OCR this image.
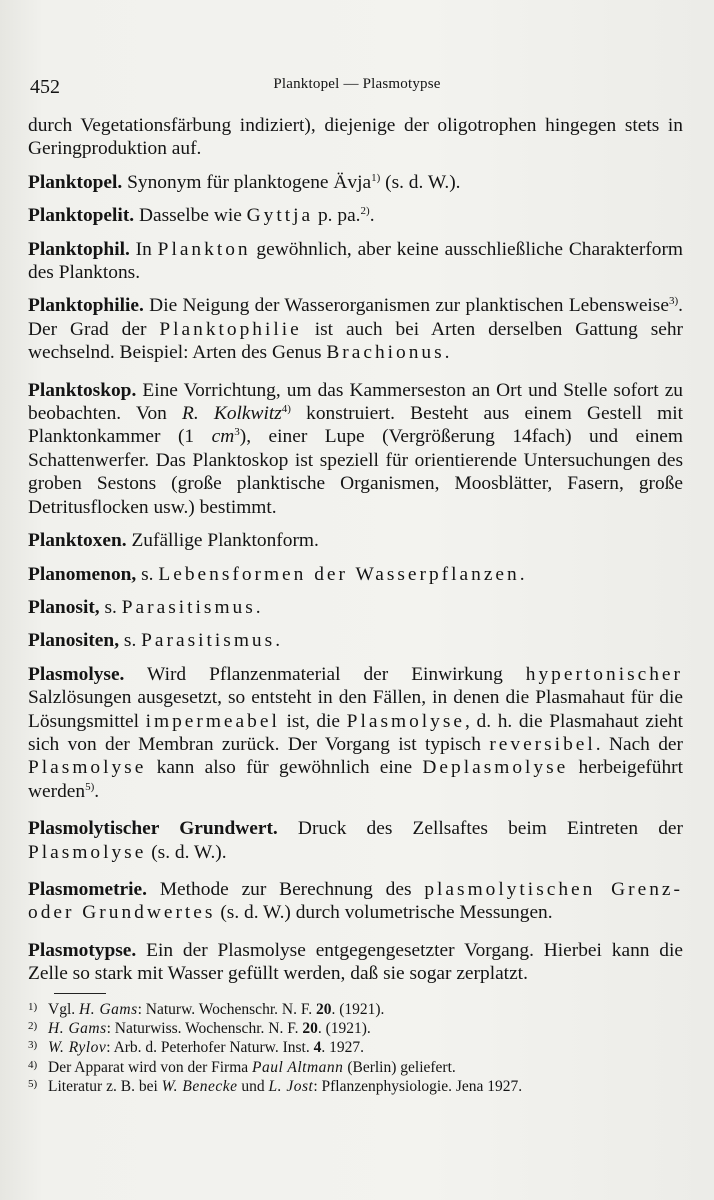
452	Planktopel — Plasmotypse

durch Vegetationsfärbung indiziert), diejenige der oligotrophen hingegen stets in Geringproduktion auf.

Planktopel. Synonym für planktogene Ävja$^{1)}$ (s. d. W.).

Planktopelit. Dasselbe wie Gyttja p. pa.$^{2)}$.

Planktophil. In Plankton gewöhnlich, aber keine ausschließliche Charakterform des Planktons.

Planktophilie. Die Neigung der Wasserorganismen zur planktischen Lebensweise$^{3)}$. Der Grad der Planktophilie ist auch bei Arten derselben Gattung sehr wechselnd. Beispiel: Arten des Genus Brachionus.

Planktoskop. Eine Vorrichtung, um das Kammerseston an Ort und Stelle sofort zu beobachten. Von R. Kolkwitz$^{4)}$ konstruiert. Besteht aus einem Gestell mit Planktonkammer (1 $cm^3$), einer Lupe (Vergrößerung 14fach) und einem Schattenwerfer. Das Planktoskop ist speziell für orientierende Untersuchungen des groben Sestons (große planktische Organismen, Moosblätter, Fasern, große Detritusflocken usw.) bestimmt.

Planktoxen. Zufällige Planktonform.

Planomenon, s. Lebensformen der Wasserpflanzen.

Planosit, s. Parasitismus.

Planositen, s. Parasitismus.

Plasmolyse. Wird Pflanzenmaterial der Einwirkung hypertonischer Salzlösungen ausgesetzt, so entsteht in den Fällen, in denen die Plasmahaut für die Lösungsmittel impermeabel ist, die Plasmolyse, d. h. die Plasmahaut zieht sich von der Membran zurück. Der Vorgang ist typisch reversibel. Nach der Plasmolyse kann also für gewöhnlich eine Deplasmolyse herbeigeführt werden$^{5)}$.

Plasmolytischer Grundwert. Druck des Zellsaftes beim Eintreten der Plasmolyse (s. d. W.).

Plasmometrie. Methode zur Berechnung des plasmolytischen Grenz- oder Grundwertes (s. d. W.) durch volumetrische Messungen.

Plasmotypse. Ein der Plasmolyse entgegengesetzter Vorgang. Hierbei kann die Zelle so stark mit Wasser gefüllt werden, daß sie sogar zerplatzt.

1) Vgl. H. Gams: Naturw. Wochenschr. N. F. 20. (1921).
2) H. Gams: Naturwiss. Wochenschr. N. F. 20. (1921).
3) W. Rylov: Arb. d. Peterhofer Naturw. Inst. 4. 1927.
4) Der Apparat wird von der Firma Paul Altmann (Berlin) geliefert.
5) Literatur z. B. bei W. Benecke und L. Jost: Pflanzenphysiologie. Jena 1927.
